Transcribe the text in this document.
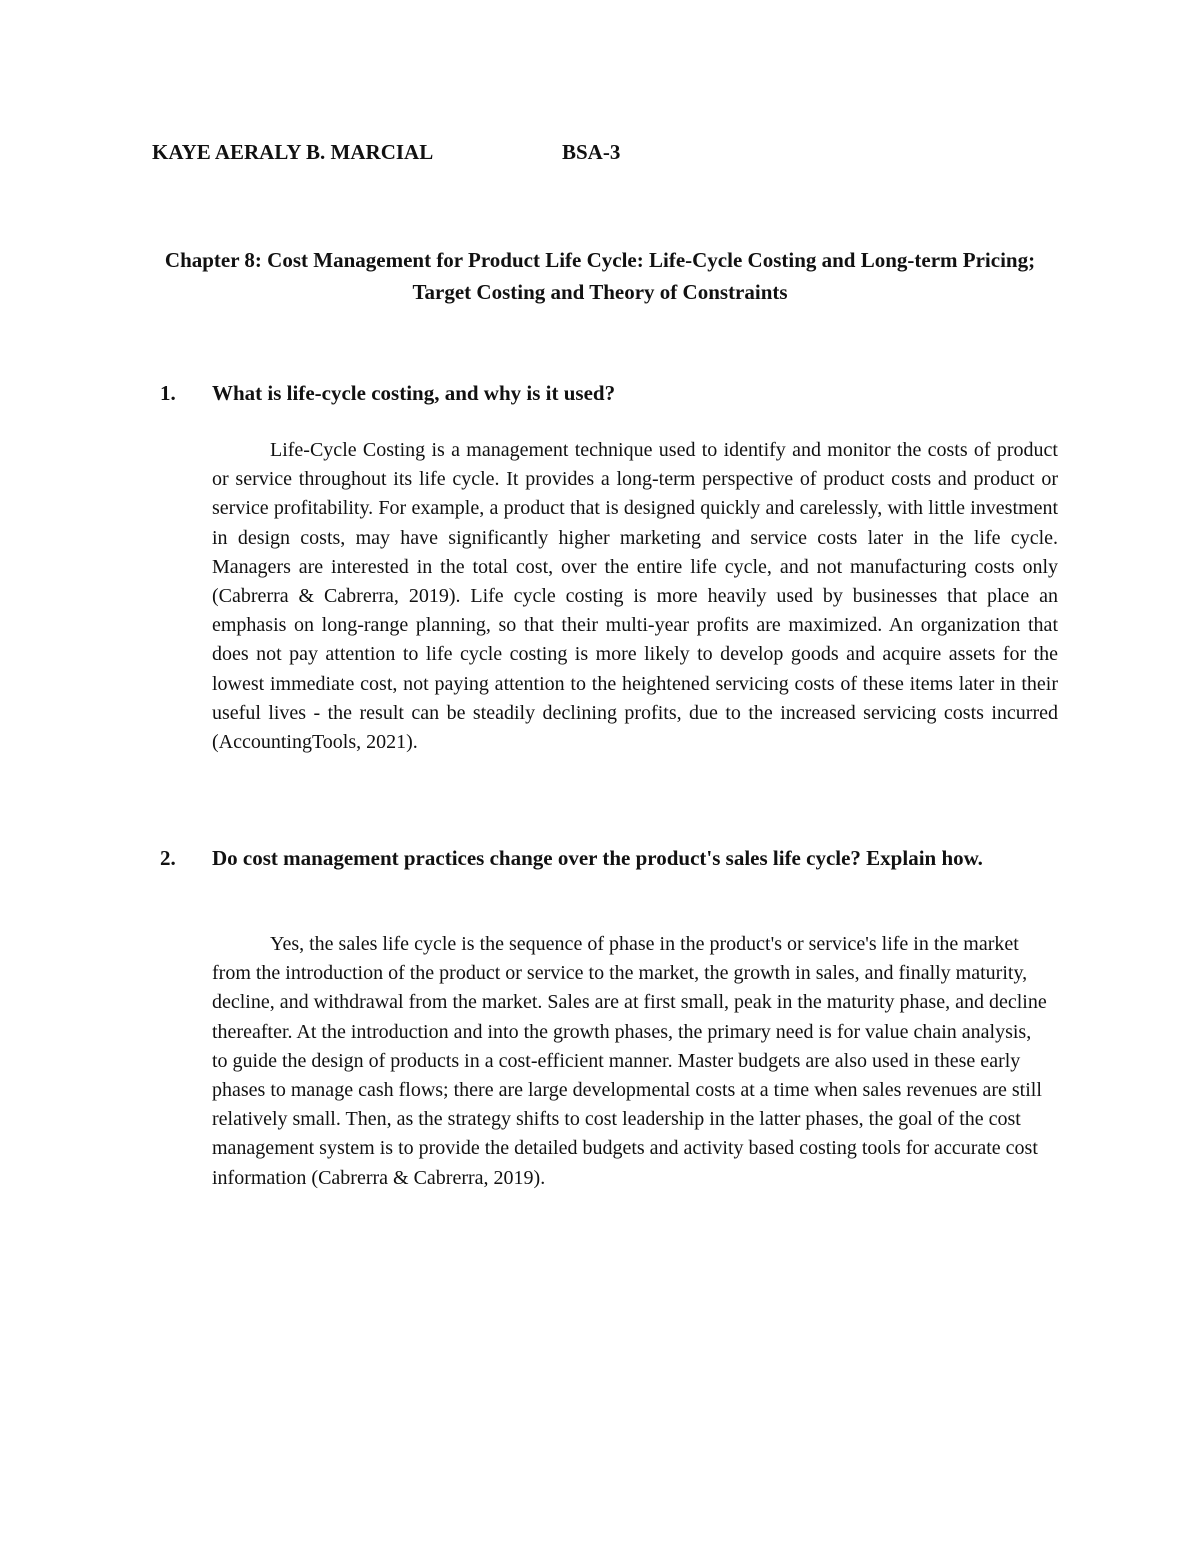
KAYE AERALY B. MARCIAL	BSA-3
Chapter 8: Cost Management for Product Life Cycle: Life-Cycle Costing and Long-term Pricing; Target Costing and Theory of Constraints
1. What is life-cycle costing, and why is it used?
Life-Cycle Costing is a management technique used to identify and monitor the costs of product or service throughout its life cycle. It provides a long-term perspective of product costs and product or service profitability. For example, a product that is designed quickly and carelessly, with little investment in design costs, may have significantly higher marketing and service costs later in the life cycle. Managers are interested in the total cost, over the entire life cycle, and not manufacturing costs only (Cabrerra & Cabrerra, 2019). Life cycle costing is more heavily used by businesses that place an emphasis on long-range planning, so that their multi-year profits are maximized. An organization that does not pay attention to life cycle costing is more likely to develop goods and acquire assets for the lowest immediate cost, not paying attention to the heightened servicing costs of these items later in their useful lives - the result can be steadily declining profits, due to the increased servicing costs incurred (AccountingTools, 2021).
2. Do cost management practices change over the product's sales life cycle? Explain how.
Yes, the sales life cycle is the sequence of phase in the product's or service's life in the market from the introduction of the product or service to the market, the growth in sales, and finally maturity, decline, and withdrawal from the market. Sales are at first small, peak in the maturity phase, and decline thereafter. At the introduction and into the growth phases, the primary need is for value chain analysis, to guide the design of products in a cost-efficient manner. Master budgets are also used in these early phases to manage cash flows; there are large developmental costs at a time when sales revenues are still relatively small. Then, as the strategy shifts to cost leadership in the latter phases, the goal of the cost management system is to provide the detailed budgets and activity based costing tools for accurate cost information (Cabrerra & Cabrerra, 2019).
